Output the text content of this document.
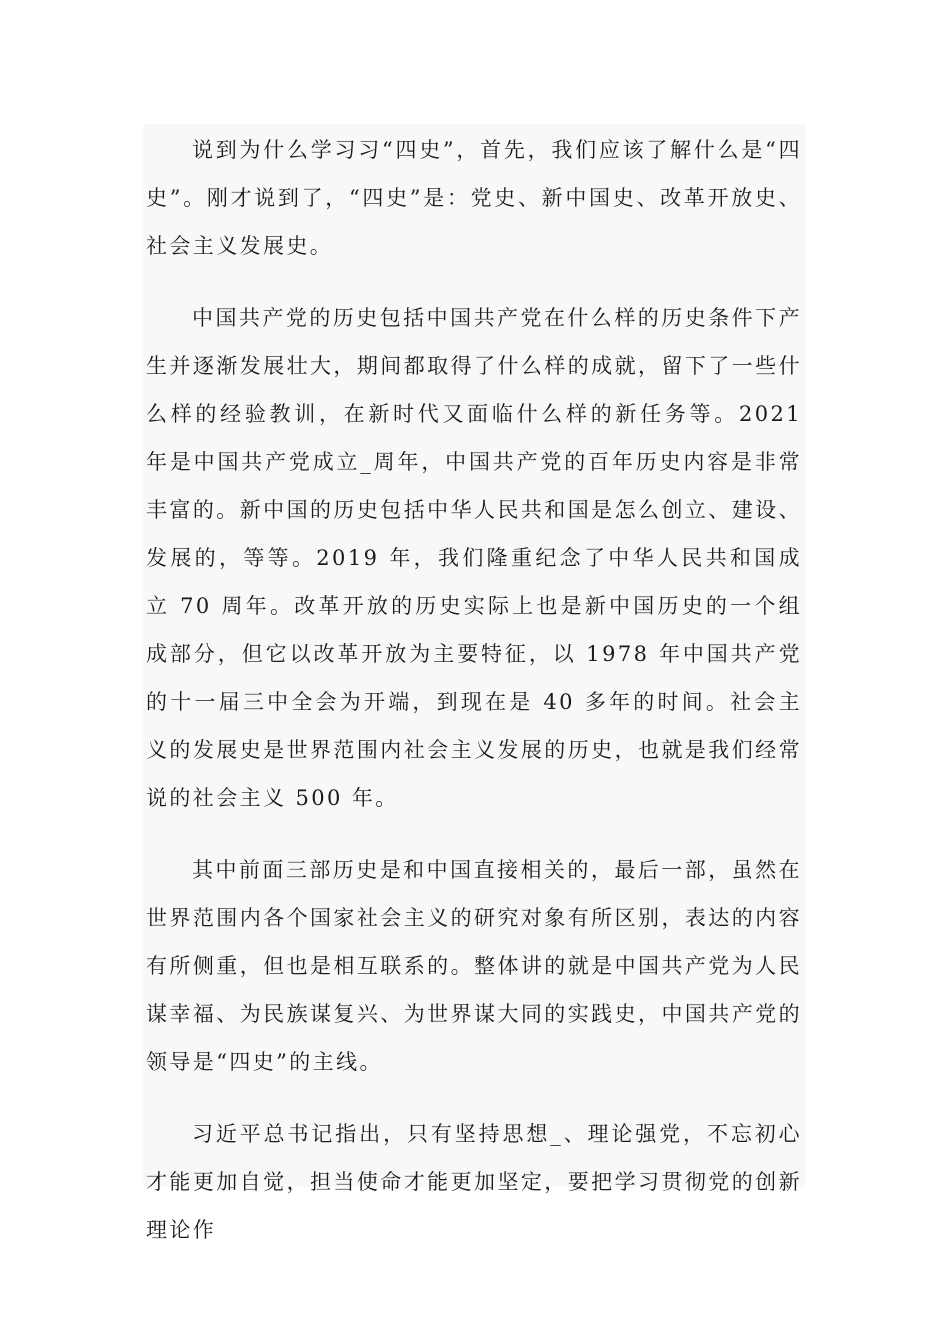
说到为什么学习习“四史”，首先，我们应该了解什么是“四史”。刚才说到了，“四史”是：党史、新中国史、改革开放史、社会主义发展史。

中国共产党的历史包括中国共产党在什么样的历史条件下产生并逐渐发展壮大，期间都取得了什么样的成就，留下了一些什么样的经验教训，在新时代又面临什么样的新任务等。2021 年是中国共产党成立_周年，中国共产党的百年历史内容是非常丰富的。新中国的历史包括中华人民共和国是怎么创立、建设、发展的，等等。2019 年，我们隆重纪念了中华人民共和国成立 70 周年。改革开放的历史实际上也是新中国历史的一个组成部分，但它以改革开放为主要特征，以 1978 年中国共产党的十一届三中全会为开端，到现在是 40 多年的时间。社会主义的发展史是世界范围内社会主义发展的历史，也就是我们经常说的社会主义 500 年。

其中前面三部历史是和中国直接相关的，最后一部，虽然在世界范围内各个国家社会主义的研究对象有所区别，表达的内容有所侧重，但也是相互联系的。整体讲的就是中国共产党为人民谋幸福、为民族谋复兴、为世界谋大同的实践史，中国共产党的领导是“四史”的主线。

习近平总书记指出，只有坚持思想_、理论强党，不忘初心才能更加自觉，担当使命才能更加坚定，要把学习贯彻党的创新理论作
